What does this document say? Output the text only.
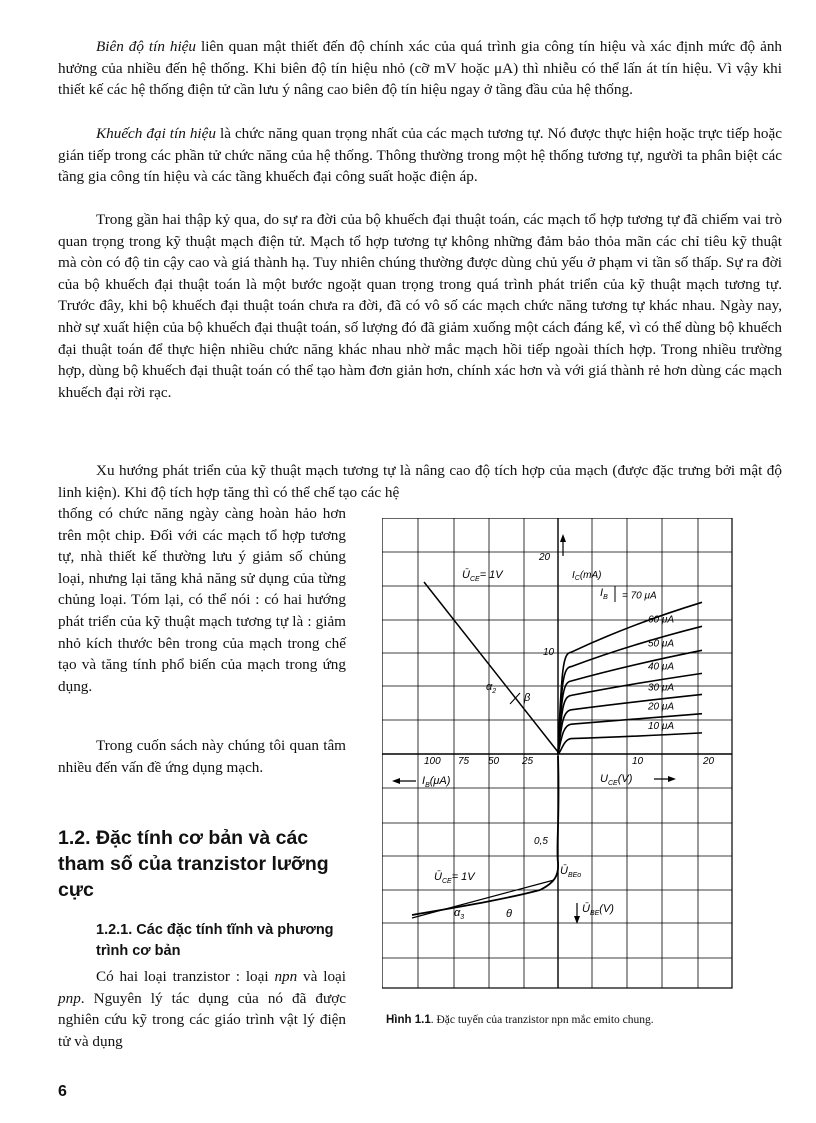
Biên độ tín hiệu liên quan mật thiết đến độ chính xác của quá trình gia công tín hiệu và xác định mức độ ảnh hưởng của nhiều đến hệ thống. Khi biên độ tín hiệu nhỏ (cỡ mV hoặc μA) thì nhiễu có thể lấn át tín hiệu. Vì vậy khi thiết kế các hệ thống điện tử cần lưu ý nâng cao biên độ tín hiệu ngay ở tầng đầu của hệ thống.

Khuếch đại tín hiệu là chức năng quan trọng nhất của các mạch tương tự. Nó được thực hiện hoặc trực tiếp hoặc gián tiếp trong các phần tử chức năng của hệ thống. Thông thường trong một hệ thống tương tự, người ta phân biệt các tầng gia công tín hiệu và các tầng khuếch đại công suất hoặc điện áp.

Trong gần hai thập kỷ qua, do sự ra đời của bộ khuếch đại thuật toán, các mạch tổ hợp tương tự đã chiếm vai trò quan trọng trong kỹ thuật mạch điện tử. Mạch tổ hợp tương tự không những đảm bảo thỏa mãn các chỉ tiêu kỹ thuật mà còn có độ tin cậy cao và giá thành hạ. Tuy nhiên chúng thường được dùng chủ yếu ở phạm vi tần số thấp. Sự ra đời của bộ khuếch đại thuật toán là một bước ngoặt quan trọng trong quá trình phát triển của kỹ thuật mạch tương tự. Trước đây, khi bộ khuếch đại thuật toán chưa ra đời, đã có vô số các mạch chức năng tương tự khác nhau. Ngày nay, nhờ sự xuất hiện của bộ khuếch đại thuật toán, số lượng đó đã giảm xuống một cách đáng kể, vì có thể dùng bộ khuếch đại thuật toán để thực hiện nhiều chức năng khác nhau nhờ mắc mạch hồi tiếp ngoài thích hợp. Trong nhiều trường hợp, dùng bộ khuếch đại thuật toán có thể tạo hàm đơn giản hơn, chính xác hơn và với giá thành rẻ hơn dùng các mạch khuếch đại rời rạc.

Xu hướng phát triển của kỹ thuật mạch tương tự là nâng cao độ tích hợp của mạch (được đặc trưng bởi mật độ linh kiện). Khi độ tích hợp tăng thì có thể chế tạo các hệ

thống có chức năng ngày càng hoàn hảo hơn trên một chip. Đối với các mạch tổ hợp tương tự, nhà thiết kế thường lưu ý giảm số chủng loại, nhưng lại tăng khả năng sử dụng của từng chủng loại. Tóm lại, có thể nói : có hai hướng phát triển của kỹ thuật mạch tương tự là : giảm nhỏ kích thước bên trong của mạch trong chế tạo và tăng tính phổ biến của mạch trong ứng dụng.

Trong cuốn sách này chúng tôi quan tâm nhiều đến vấn đề ứng dụng mạch.

1.2. Đặc tính cơ bản và các tham số của tranzistor lưỡng cực
1.2.1. Các đặc tính tĩnh và phương trình cơ bản

Có hai loại tranzistor : loại npn và loại pnp. Nguyên lý tác dụng của nó đã được nghiên cứu kỹ trong các giáo trình vật lý điện tử và dụng

20
10
100 75 50 25	10	20
0,5
$I_C(mA)$
$Ū_{CE}= 1V$
$I_B(\mu A)$	$U_{CE}(V)$
$Ū_{CE}= 1V$	$Ū_{BEo}$
$Ū_{BE}(V)$
$I_B$
$\alpha_2$
$\alpha_3$
β
θ
= 70 μA
60 μA
50 μA
40 μA
30 μA
20 μA
10 μA
Hình 1.1. Đặc tuyến của tranzistor npn mắc emito chung.
6
